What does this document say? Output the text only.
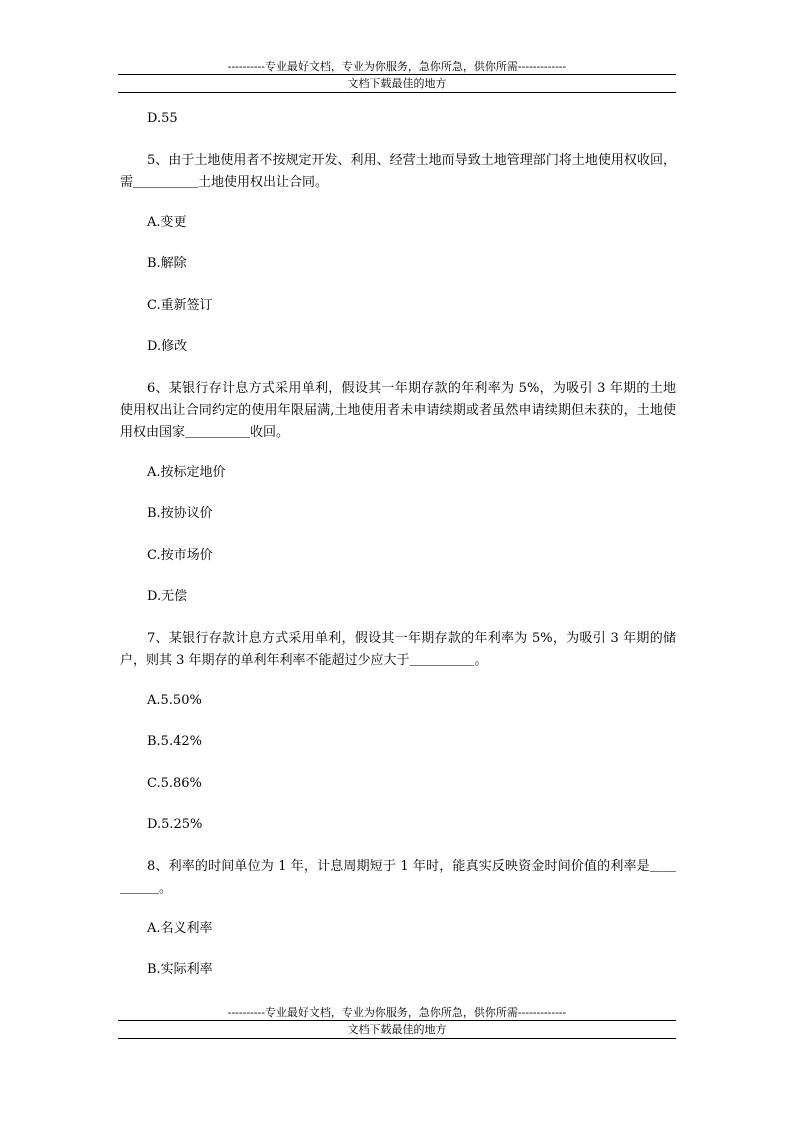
----------专业最好文档，专业为你服务，急你所急，供你所需-------------
文档下载最佳的地方
D.55

5、由于土地使用者不按规定开发、利用、经营土地而导致土地管理部门将土地使用权收回，需＿＿＿＿＿土地使用权出让合同。

A.变更
B.解除
C.重新签订
D.修改

6、某银行存计息方式采用单利，假设其一年期存款的年利率为 5%，为吸引 3 年期的土地使用权出让合同约定的使用年限届满,土地使用者未申请续期或者虽然申请续期但未获的，土地使用权由国家＿＿＿＿＿收回。

A.按标定地价
B.按协议价
C.按市场价
D.无偿

7、某银行存款计息方式采用单利，假设其一年期存款的年利率为 5%，为吸引 3 年期的储户，则其 3 年期存的单利年利率不能超过少应大于＿＿＿＿＿。

A.5.50%
B.5.42%
C.5.86%
D.5.25%

8、利率的时间单位为 1 年，计息周期短于 1 年时，能真实反映资金时间价值的利率是＿＿＿＿＿。

A.名义利率
B.实际利率
----------专业最好文档，专业为你服务，急你所急，供你所需-------------
文档下载最佳的地方
